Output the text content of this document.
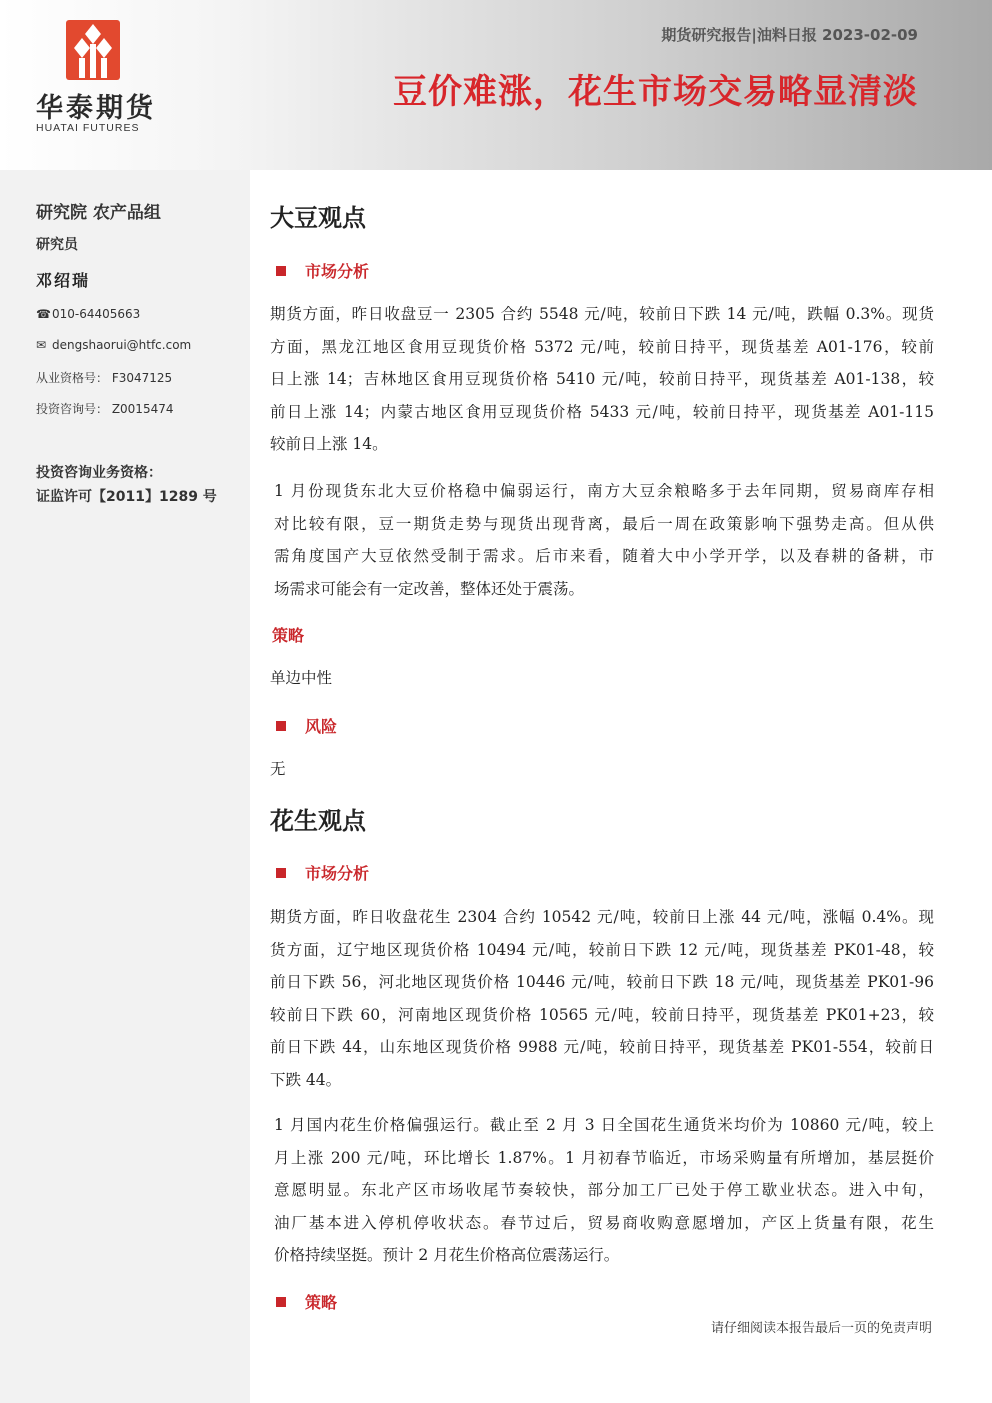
华泰期货
HUATAI FUTURES
期货研究报告|油料日报 2023-02-09
豆价难涨，花生市场交易略显清淡
研究院 农产品组
研究员
邓绍瑞
☎010-64405663
✉ dengshaorui@htfc.com
从业资格号： F3047125
投资咨询号： Z0015474
投资咨询业务资格：
证监许可【2011】1289 号
大豆观点
市场分析
期货方面，昨日收盘豆一 2305 合约 5548 元/吨，较前日下跌 14 元/吨，跌幅 0.3%。现货
方面，黑龙江地区食用豆现货价格 5372 元/吨，较前日持平，现货基差 A01-176，较前
日上涨 14；吉林地区食用豆现货价格 5410 元/吨，较前日持平，现货基差 A01-138，较
前日上涨 14；内蒙古地区食用豆现货价格 5433 元/吨，较前日持平，现货基差 A01-115
较前日上涨 14。
1 月份现货东北大豆价格稳中偏弱运行，南方大豆余粮略多于去年同期，贸易商库存相
对比较有限，豆一期货走势与现货出现背离，最后一周在政策影响下强势走高。但从供
需角度国产大豆依然受制于需求。后市来看，随着大中小学开学，以及春耕的备耕，市
场需求可能会有一定改善，整体还处于震荡。
策略
单边中性
风险
无
花生观点
市场分析
期货方面，昨日收盘花生 2304 合约 10542 元/吨，较前日上涨 44 元/吨，涨幅 0.4%。现
货方面，辽宁地区现货价格 10494 元/吨，较前日下跌 12 元/吨，现货基差 PK01-48，较
前日下跌 56，河北地区现货价格 10446 元/吨，较前日下跌 18 元/吨，现货基差 PK01-96
较前日下跌 60，河南地区现货价格 10565 元/吨，较前日持平，现货基差 PK01+23，较
前日下跌 44，山东地区现货价格 9988 元/吨，较前日持平，现货基差 PK01-554，较前日
下跌 44。
1 月国内花生价格偏强运行。截止至 2 月 3 日全国花生通货米均价为 10860 元/吨，较上
月上涨 200 元/吨，环比增长 1.87%。1 月初春节临近，市场采购量有所增加，基层挺价
意愿明显。东北产区市场收尾节奏较快，部分加工厂已处于停工歇业状态。进入中旬，
油厂基本进入停机停收状态。春节过后，贸易商收购意愿增加，产区上货量有限，花生
价格持续坚挺。预计 2 月花生价格高位震荡运行。
策略
请仔细阅读本报告最后一页的免责声明
